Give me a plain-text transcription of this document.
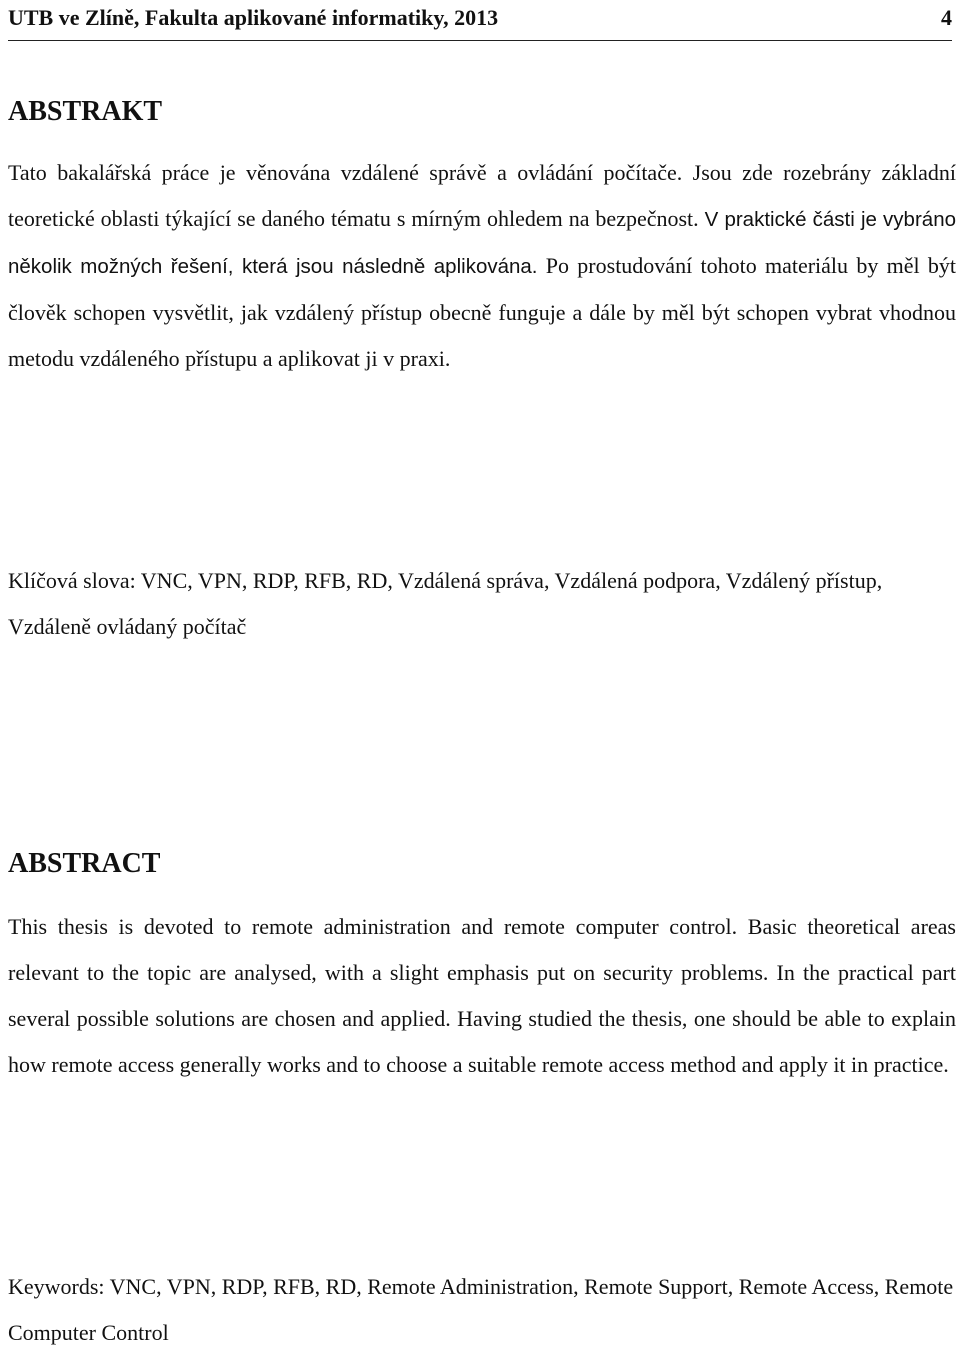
UTB ve Zlíně, Fakulta aplikované informatiky, 2013	4
ABSTRAKT

Tato bakalářská práce je věnována vzdálené správě a ovládání počítače. Jsou zde rozebrány základní teoretické oblasti týkající se daného tématu s mírným ohledem na bezpečnost. V praktické části je vybráno několik možných řešení, která jsou následně aplikována. Po prostudování tohoto materiálu by měl být člověk schopen vysvětlit, jak vzdálený přístup obecně funguje a dále by měl být schopen vybrat vhodnou metodu vzdáleného přístupu a aplikovat ji v praxi.

Klíčová slova: VNC, VPN, RDP, RFB, RD, Vzdálená správa, Vzdálená podpora, Vzdálený přístup, Vzdáleně ovládaný počítač

ABSTRACT

This thesis is devoted to remote administration and remote computer control. Basic theoretical areas relevant to the topic are analysed, with a slight emphasis put on security problems. In the practical part several possible solutions are chosen and applied. Having studied the thesis, one should be able to explain how remote access generally works and to choose a suitable remote access method and apply it in practice.

Keywords: VNC, VPN, RDP, RFB, RD, Remote Administration, Remote Support, Remote Access, Remote Computer Control
